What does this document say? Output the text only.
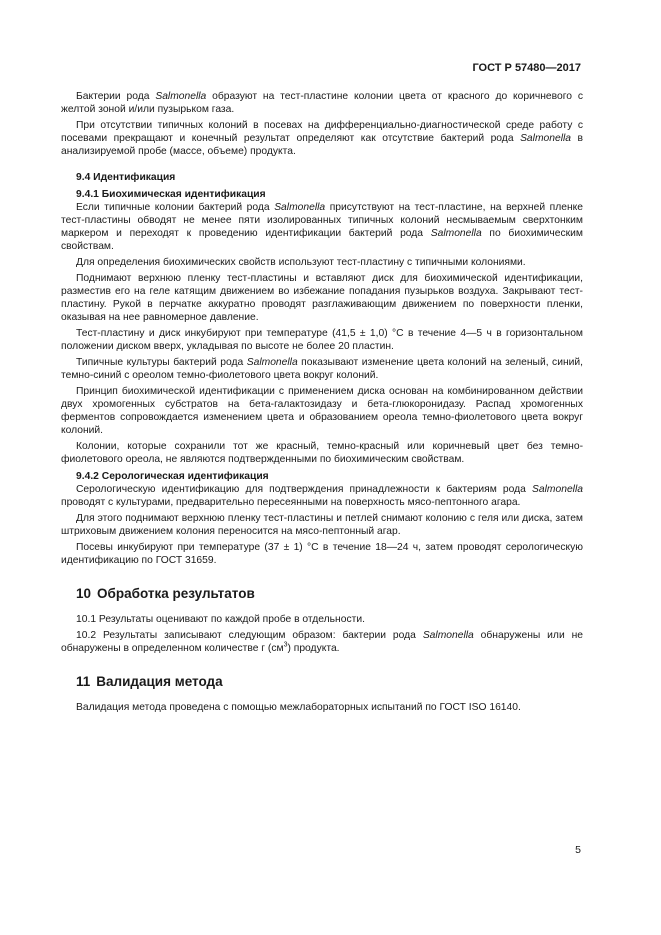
ГОСТ Р 57480—2017

Бактерии рода Salmonella образуют на тест-пластине колонии цвета от красного до коричневого с желтой зоной и/или пузырьком газа.

При отсутствии типичных колоний в посевах на дифференциально-диагностической среде работу с посевами прекращают и конечный результат определяют как отсутствие бактерий рода Salmonella в анализируемой пробе (массе, объеме) продукта.

9.4 Идентификация
9.4.1 Биохимическая идентификация

Если типичные колонии бактерий рода Salmonella присутствуют на тест-пластине, на верхней пленке тест-пластины обводят не менее пяти изолированных типичных колоний несмываемым сверхтонким маркером и переходят к проведению идентификации бактерий рода Salmonella по биохимическим свойствам.

Для определения биохимических свойств используют тест-пластину с типичными колониями.

Поднимают верхнюю пленку тест-пластины и вставляют диск для биохимической идентификации, разместив его на геле катящим движением во избежание попадания пузырьков воздуха. Закрывают тест-пластину. Рукой в перчатке аккуратно проводят разглаживающим движением по поверхности пленки, оказывая на нее равномерное давление.

Тест-пластину и диск инкубируют при температуре (41,5 ± 1,0) °С в течение 4—5 ч в горизонтальном положении диском вверх, укладывая по высоте не более 20 пластин.

Типичные культуры бактерий рода Salmonella показывают изменение цвета колоний на зеленый, синий, темно-синий с ореолом темно-фиолетового цвета вокруг колоний.

Принцип биохимической идентификации с применением диска основан на комбинированном действии двух хромогенных субстратов на бета-галактозидазу и бета-глюкоронидазу. Распад хромогенных ферментов сопровождается изменением цвета и образованием ореола темно-фиолетового цвета вокруг колоний.

Колонии, которые сохранили тот же красный, темно-красный или коричневый цвет без темно-фиолетового ореола, не являются подтвержденными по биохимическим свойствам.

9.4.2 Серологическая идентификация

Серологическую идентификацию для подтверждения принадлежности к бактериям рода Salmonella проводят с культурами, предварительно пересеянными на поверхность мясо-пептонного агара.

Для этого поднимают верхнюю пленку тест-пластины и петлей снимают колонию с геля или диска, затем штриховым движением колония переносится на мясо-пептонный агар.

Посевы инкубируют при температуре (37 ± 1) °С в течение 18—24 ч, затем проводят серологическую идентификацию по ГОСТ 31659.

10 Обработка результатов

10.1 Результаты оценивают по каждой пробе в отдельности.

10.2 Результаты записывают следующим образом: бактерии рода Salmonella обнаружены или не обнаружены в определенном количестве г $(см^3)$ продукта.

11 Валидация метода

Валидация метода проведена с помощью межлабораторных испытаний по ГОСТ ISO 16140.

5
